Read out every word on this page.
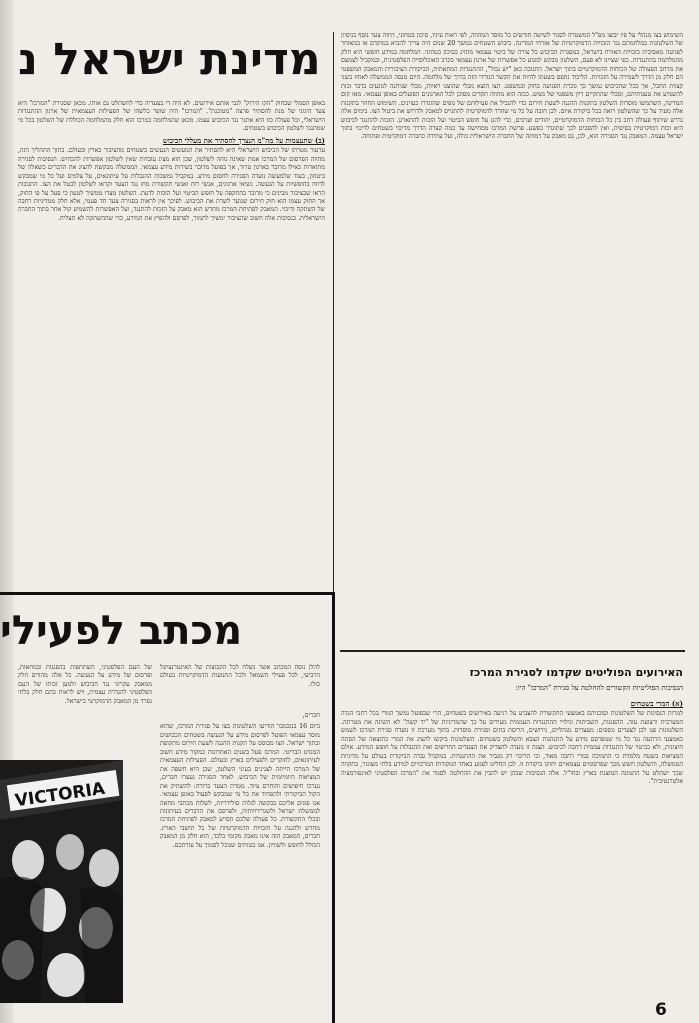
מדינת ישראל נ	השימוש בצו מנהלי על פיו יבוצו מפ"ל המשטרה לסגור לשישה חודשים כל מוסד המהווה, לפי ראות עיניו, סיכון בטחוני, היווה צעד נוסף בניסיון של השלטונות במלחמתם נגד הזכויות הדמוקרטיות של אזרחי המדינה. כיבוש השטחים במשך 20 שנים היה צריך להביא במוקדם או במאוחר לפגיעה מאסיבית בזכויות האזרח בישראל, במסגרת הכיבוש כל צורה של ביטוי עצמאי מתויג כסיכון בטחוני. המלחמה במידע חופשי היא חלק מהמלחמה בהתנגדות. כפי שציינו לא פעם, השלטון מבקש למנוע כל אפשרות של ארגון עצמאי בקרב האוכלוסייה הפלסטינית, ובמקביל לצמצם את מרחב הפעולה של הכוחות הדמוקרטיים בתוך ישראל. התגובה כאן "יש גבול", ההתנגדות המחאתית, הביקורת הציבורית והמאבק המשפטי הם חלק מן הדרך לשמירה על הזכויות. הליכוד נתפס בשעתו להיות את הקשר הגורדי הזה בדרך של מלחמה. היום מנסה הממשלה לאחוז בשני קצוות החבל, אך ככל שהכיבוש נמשך כך גוברת הפגיעה בחוק ובמשפט. הצו הוצא מבלי שהוצגו ראיות, מבלי שניתנה לנוגעים בדבר זכות להשמיע את טענותיהם, ומבלי שהתקיים דיון משפטי של ממש. ככזה הוא מהווה תקדים מסוכן לכל הארגונים הפועלים באופן עצמאי. מאז קום המדינה, השתמשו מוסדות השלטון בתקנות ההגנה לשעת חירום כדי להגביל את פעילותם של גופים שהוגדרו כעוינים. השימוש החוזר בתקנות אלה מעיד על כך שהשלטון רואה בכל ביקורת איום. לכן חובה על כל מי שחרד לדמוקרטיה להתגייס למאבק ולדרוש את ביטול הצו. בימים אלה נדרש שיתוף פעולה רחב בין כל הכוחות הדמוקרטיים, יהודים וערבים, כדי להגן על חופש הביטוי ועל הזכות להתארגן. הזכות להתנגד לכיבוש היא זכות דמוקרטית בסיסית, ואין להסכים לכך שתוגדר כפשע. פרשת המרכז ממחישה עד כמה קצרה הדרך מדיכוי בשטחים לדיכוי בתוך ישראל עצמה. המאבק נגד הסגירה הוא, לכן, גם מאבק על דמותה של החברה הישראלית כולה, ועל עתידה כחברה דמוקרטית ופתוחה.

באופן הסמלי שבחוק "הקו הירוק" לגבי אותם אירועים. לא היה די בצעדיה כדי להשתלט גם אותו. מכאן שסגירת "המרכז" היא צעד היגוני של מנת להסתיר פרצה "מטובנת". "המרכז" היה שופר כלשהו של הפעילות העצמאית של ארגון ההתנגדות הישראלי, וכל פעולה כזו היא אתגר נגד הכיבוש עצמו. מכאן שהמלחמה במרכז הוא חלק מהמלחמה הכוללת של השלטון בכל מי שמתנגד לשלטון הכיבוש בשטחים.

(ב) שתעצמות על מה"מ הנצרך להסתיר את מעללי הכיבוש

ערעור מטרתו של הכיבוש הישראלי היא להסתיר את המעשים הנעשים בשטחים מהציבור בארץ ובעולם. בתוך התהליך הזה, מהווה הפרסום של המרכז אמת שאינה נוחה לשלטון, שכן הוא מציג עובדות שאין לשלטון אפשרות להכחיש. הנסיבות לסגירה מתוארות כאילו מדובר בארגון טרור, אך בפועל מדובר בשירות מידע עצמאי. הממשלה מבקשת להציג את הדברים כשאלה של ביטחון, בעוד שלמעשה נועדה הסגירה לחסום מידע. במקביל נמשכות ההגבלות על עיתונאים, על צלמים ועל כל מי שמבקש לדווח בחופשיות על הנעשה. נשיאי ארגונים, אנשי רוח ואנשי תקשורת מחו נגד הצעד וקראו לשלטון לבטל את הצו. התגובות הראו שבציבור מבינים כי מדובר בהתקפה על חופש הביטוי ועל הזכות לדעת. השלטון מצדו ממשיך לטעון כי פעל על פי החוק, אך החוק עצמו הוא חוק חירום שנועד לשרת את הכיבוש. לפיכך אין לראות בסגירה צעד חד פעמי, אלא חלק ממדיניות רחבה של השתקה ודיכוי. המאבק לפתיחת המרכז מחדש הוא מאבק על הזכות להתנגד, ועל האפשרות להשמיע קול אחר בתוך החברה הישראלית. בנסיבות אלה חשוב שהציבור ימשיך לתמוך, לפרסם ולהפיץ את המידע, כדי שההשתקה לא תצליח.

מכתב לפעילי

להלן נוסח המכתב אשר נשלח לכל הקבוצות של האינטרנציונל הרביעי, לכל פעילי השמאל ולכל התנועות הדמוקרטיות בעולם כולו.

חברים,

ביום 16 בנובמבר הודיעו השלטונות בצו על סגירת המרכז, שהוא מוסד עצמאי הפועל לפרסום מידע על הנעשה בשטחים הכבושים ובתוך ישראל. הצו מבוסס על תקנות ההגנה לשעת חירום מתקופת המנדט הבריטי. המרכז פעל בשנים האחרונות כמקור מידע חשוב לעיתונאים, לחוקרים ולפעילים בארץ ובעולם. הפעילות העצמאית של המרכז הייתה לצנינים בעיני השלטון, שכן היא חשפה את המציאות היומיומית של הכיבוש. לאחר הסגירה נעצרו חברים, נערכו חיפושים והוחרם ציוד. מטרת הצעד ברורה: להשתיק את הקול הביקורתי ולהפחיד את כל מי שמבקש לפעול באופן עצמאי. אנו פונים אליכם בבקשה לגלות סולידריות, לשלוח מכתבי מחאה לממשלת ישראל ולשגרירויותיה, ולפרסם את הדברים בעיתונות ובכלי התקשורת. כל פעולה שלכם תסייע למאבק לפתיחת המרכז מחדש ולהגנה על הזכויות הדמוקרטיות של כל תושבי הארץ. חברים, המאבק הזה אינו מאבק מקומי בלבד, הוא חלק מן המאבק הכולל לחופש ולשוויון. אנו בטוחים שנוכל לסמוך על עזרתכם.

של העם הפלסטיני, השתתפות בהפגנות ובמחאות, ופרסום של מידע על הנעשה. כל אלה מהווים חלק ממאבק עקרוני נגד הכיבוש ולמען זכותו של העם הפלסטיני להגדרה עצמית, ויש לראות בהם חלק בלתי נפרד מן המאבק הדמוקרטי בישראל.

VICTORIA
האירועים הפוליטים שקדמו לסגירת המרכז
הנסיבות הפוליטיות הקשורים להחלטה על סגירת "המרכז" היו:
(א) המרי בשטחים

למרות הנסיגות של השלטונות וסוכניהם באמצעי התקשורת להצביע על רגיעה באירועים בשטחים, הרי שבפועל נמשך המרי בכל רחבי הגדה המערבית ורצועת עזה. ההפגנות, השביתות וגילויי ההתנגדות העממית מעידים על כך שהמדיניות של "יד קשה" לא השיגה את מטרתה. השלטונות פנו לכן לצעדים נוספים: מעצרים מנהליים, גירושים, הריסת בתים וסגירת מוסדות. בתוך מערכת זו נועדה סגירת המרכז לשמש כאמצעי הרתעה נגד כל מי שמפרסם מידע על התנהגות הצבא והשלטון בשטחים. השלטונות ביקשו להציג את המרי כתוצאה של הסתה חיצונית, ולא כביטוי של התנגדות עממית רחבה לכיבוש. הצגה זו נועדה להצדיק את הצעדים החריפים ואת ההגבלות על חופש המידע. אולם המציאות בשטח מלמדת כי התמיכה במרי רחבה מאוד, וכי הדיכוי רק מגביר את ההתנגדות. במקביל גברה הביקורת בעולם על מדיניות הממשלה, והשלטון חשש מכך שפרסומים עצמאיים יחזקו ביקורת זו. לכן החליט לפגוע באחד המקורות המרכזיים למידע בלתי מצונזר, בתקווה שכך ישתלט על התמונה המוצגת בארץ ובחו"ל. אלה הנסיבות שבהן יש להבין את ההחלטה לסגור את "המרכז הפלסטיני לאינפורמציה אלטרנטיבית".

6
